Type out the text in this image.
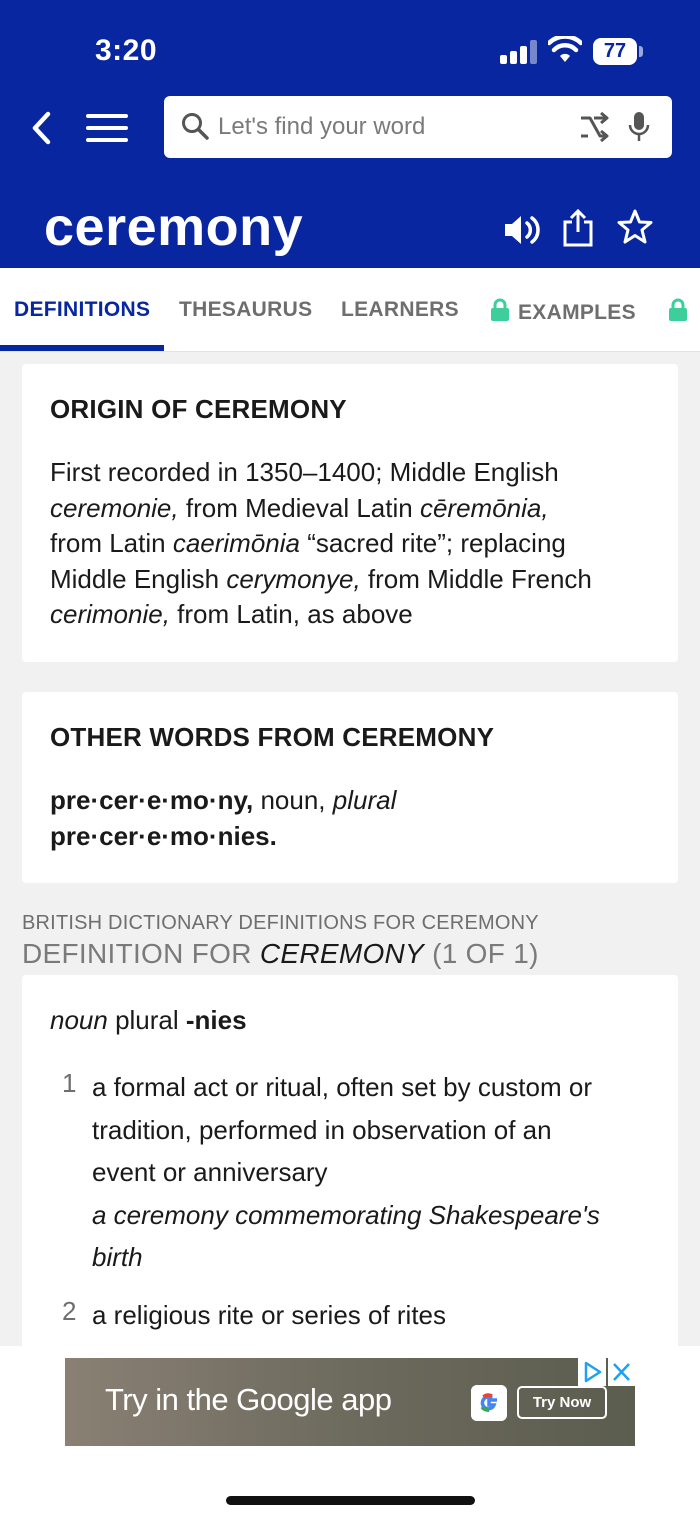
3:20	77
Let's find your word
ceremony
DEFINITIONS THESAURUS LEARNERS	EXAMPLES
ORIGIN OF CEREMONY
First recorded in 1350–1400; Middle English
ceremonie, from Medieval Latin cēremōnia,
from Latin caerimōnia “sacred rite”; replacing
Middle English cerymonye, from Middle French
cerimonie, from Latin, as above
OTHER WORDS FROM CEREMONY
pre·cer·e·mo·ny, noun, plural
pre·cer·e·mo·nies.
BRITISH DICTIONARY DEFINITIONS FOR CEREMONY
DEFINITION FOR CEREMONY (1 OF 1)
noun plural -nies
1 a formal act or ritual, often set by custom or
tradition, performed in observation of an
event or anniversary
a ceremony commemorating Shakespeare's
birth
2 a religious rite or series of rites
Try in the Google app	Try Now
